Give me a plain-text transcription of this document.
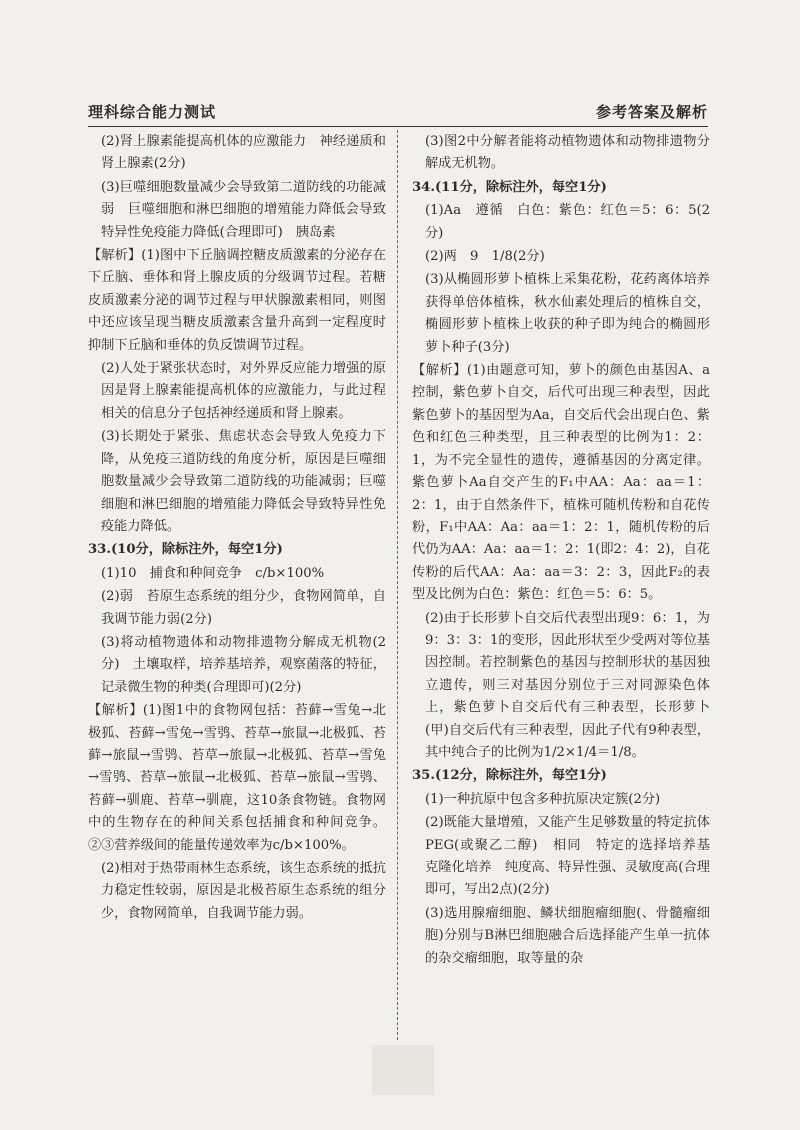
理科综合能力测试	参考答案及解析

(2)肾上腺素能提高机体的应激能力　神经递质和肾上腺素(2分)

(3)巨噬细胞数量减少会导致第二道防线的功能减弱　巨噬细胞和淋巴细胞的增殖能力降低会导致特异性免疫能力降低(合理即可)　胰岛素

【解析】(1)图中下丘脑调控糖皮质激素的分泌存在下丘脑、垂体和肾上腺皮质的分级调节过程。若糖皮质激素分泌的调节过程与甲状腺激素相同，则图中还应该呈现当糖皮质激素含量升高到一定程度时抑制下丘脑和垂体的负反馈调节过程。

(2)人处于紧张状态时，对外界反应能力增强的原因是肾上腺素能提高机体的应激能力，与此过程相关的信息分子包括神经递质和肾上腺素。

(3)长期处于紧张、焦虑状态会导致人免疫力下降，从免疫三道防线的角度分析，原因是巨噬细胞数量减少会导致第二道防线的功能减弱；巨噬细胞和淋巴细胞的增殖能力降低会导致特异性免疫能力降低。

33.(10分，除标注外，每空1分)

(1)10　捕食和种间竞争　c/b×100%

(2)弱　苔原生态系统的组分少，食物网简单，自我调节能力弱(2分)

(3)将动植物遗体和动物排遗物分解成无机物(2分)　土壤取样，培养基培养，观察菌落的特征，记录微生物的种类(合理即可)(2分)

【解析】(1)图1中的食物网包括：苔藓→雪兔→北极狐、苔藓→雪兔→雪鸮、苔草→旅鼠→北极狐、苔藓→旅鼠→雪鸮、苔草→旅鼠→北极狐、苔草→雪兔→雪鸮、苔草→旅鼠→北极狐、苔草→旅鼠→雪鸮、苔藓→驯鹿、苔草→驯鹿，这10条食物链。食物网中的生物存在的种间关系包括捕食和种间竞争。②③营养级间的能量传递效率为c/b×100%。

(2)相对于热带雨林生态系统，该生态系统的抵抗力稳定性较弱，原因是北极苔原生态系统的组分少，食物网简单，自我调节能力弱。

(3)图2中分解者能将动植物遗体和动物排遗物分解成无机物。

34.(11分，除标注外，每空1分)

(1)Aa　遵循　白色：紫色：红色＝5：6：5(2分)

(2)两　9　1/8(2分)

(3)从椭圆形萝卜植株上采集花粉，花药离体培养获得单倍体植株，秋水仙素处理后的植株自交，椭圆形萝卜植株上收获的种子即为纯合的椭圆形萝卜种子(3分)

【解析】(1)由题意可知，萝卜的颜色由基因A、a控制，紫色萝卜自交，后代可出现三种表型，因此紫色萝卜的基因型为Aa，自交后代会出现白色、紫色和红色三种类型，且三种表型的比例为1：2：1，为不完全显性的遗传，遵循基因的分离定律。紫色萝卜Aa自交产生的F₁中AA：Aa：aa＝1：2：1，由于自然条件下，植株可随机传粉和自花传粉，F₁中AA：Aa：aa＝1：2：1，随机传粉的后代仍为AA：Aa：aa＝1：2：1(即2：4：2)，自花传粉的后代AA：Aa：aa＝3：2：3，因此F₂的表型及比例为白色：紫色：红色＝5：6：5。

(2)由于长形萝卜自交后代表型出现9：6：1，为9：3：3：1的变形，因此形状至少受两对等位基因控制。若控制紫色的基因与控制形状的基因独立遗传，则三对基因分别位于三对同源染色体上，紫色萝卜自交后代有三种表型，长形萝卜(甲)自交后代有三种表型，因此子代有9种表型，其中纯合子的比例为1/2×1/4＝1/8。

35.(12分，除标注外，每空1分)

(1)一种抗原中包含多种抗原决定簇(2分)

(2)既能大量增殖，又能产生足够数量的特定抗体　PEG(或聚乙二醇)　相同　特定的选择培养基　克隆化培养　纯度高、特异性强、灵敏度高(合理即可，写出2点)(2分)

(3)选用腺瘤细胞、鳞状细胞瘤细胞(、骨髓瘤细胞)分别与B淋巴细胞融合后选择能产生单一抗体的杂交瘤细胞，取等量的杂
